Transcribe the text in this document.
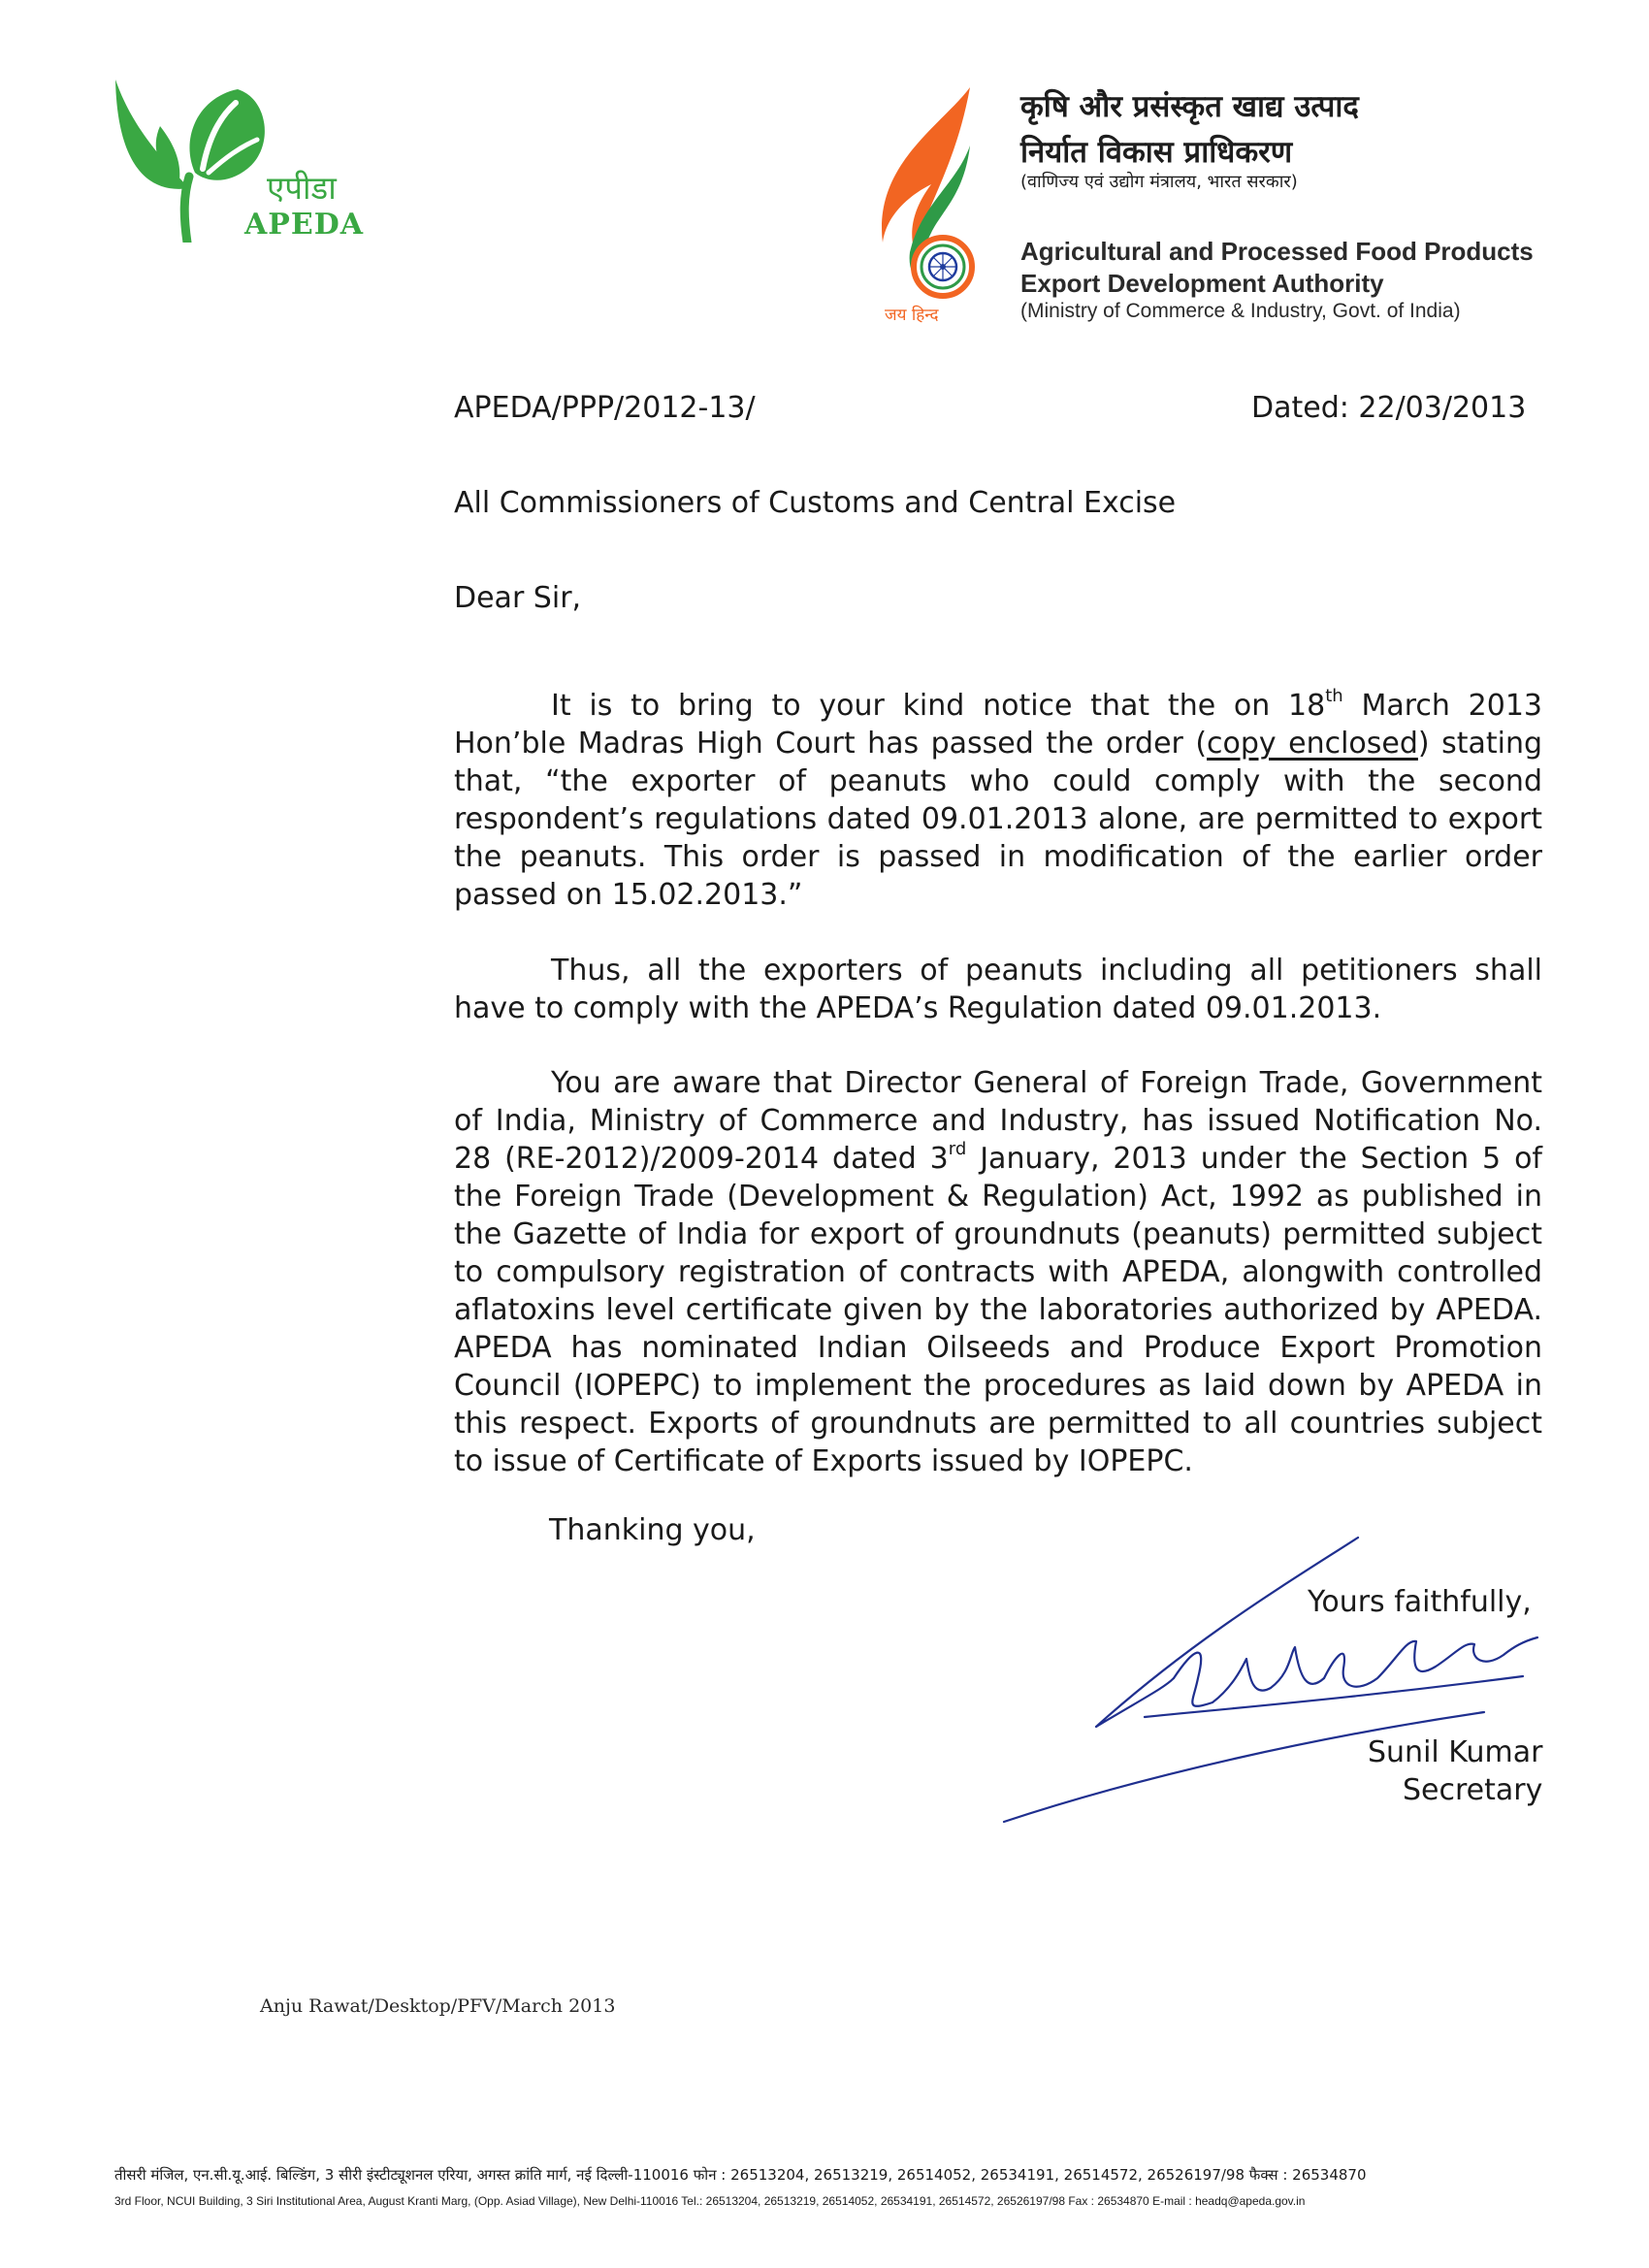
एपीडा
APEDA
जय हिन्द
कृषि और प्रसंस्कृत खाद्य उत्पाद
निर्यात विकास प्राधिकरण
(वाणिज्य एवं उद्योग मंत्रालय, भारत सरकार)
Agricultural and Processed Food Products
Export Development Authority
(Ministry of Commerce & Industry, Govt. of India)
APEDA/PPP/2012-13/	Dated: 22/03/2013
All Commissioners of Customs and Central Excise
Dear Sir,
It is to bring to your kind notice that the on 18th March 2013 Hon’ble Madras High Court has passed the order (copy enclosed) stating that, “the exporter of peanuts who could comply with the second respondent’s regulations dated 09.01.2013 alone, are permitted to export the peanuts. This order is passed in modification of the earlier order passed on 15.02.2013.”
Thus, all the exporters of peanuts including all petitioners shall have to comply with the APEDA’s Regulation dated 09.01.2013.
You are aware that Director General of Foreign Trade, Government of India, Ministry of Commerce and Industry, has issued Notification No. 28 (RE-2012)/2009-2014 dated 3rd January, 2013 under the Section 5 of the Foreign Trade (Development & Regulation) Act, 1992 as published in the Gazette of India for export of groundnuts (peanuts) permitted subject to compulsory registration of contracts with APEDA, alongwith controlled aflatoxins level certificate given by the laboratories authorized by APEDA. APEDA has nominated Indian Oilseeds and Produce Export Promotion Council (IOPEPC) to implement the procedures as laid down by APEDA in this respect. Exports of groundnuts are permitted to all countries subject to issue of Certificate of Exports issued by IOPEPC.
Thanking you,
Yours faithfully,
Sunil Kumar
Secretary
Anju Rawat/Desktop/PFV/March 2013
तीसरी मंजिल, एन.सी.यू.आई. बिल्डिंग, 3 सीरी इंस्टीट्यूशनल एरिया, अगस्त क्रांति मार्ग, नई दिल्ली-110016 फोन : 26513204, 26513219, 26514052, 26534191, 26514572, 26526197/98 फैक्स : 26534870
3rd Floor, NCUI Building, 3 Siri Institutional Area, August Kranti Marg, (Opp. Asiad Village), New Delhi-110016 Tel.: 26513204, 26513219, 26514052, 26534191, 26514572, 26526197/98 Fax : 26534870 E-mail : headq@apeda.gov.in
